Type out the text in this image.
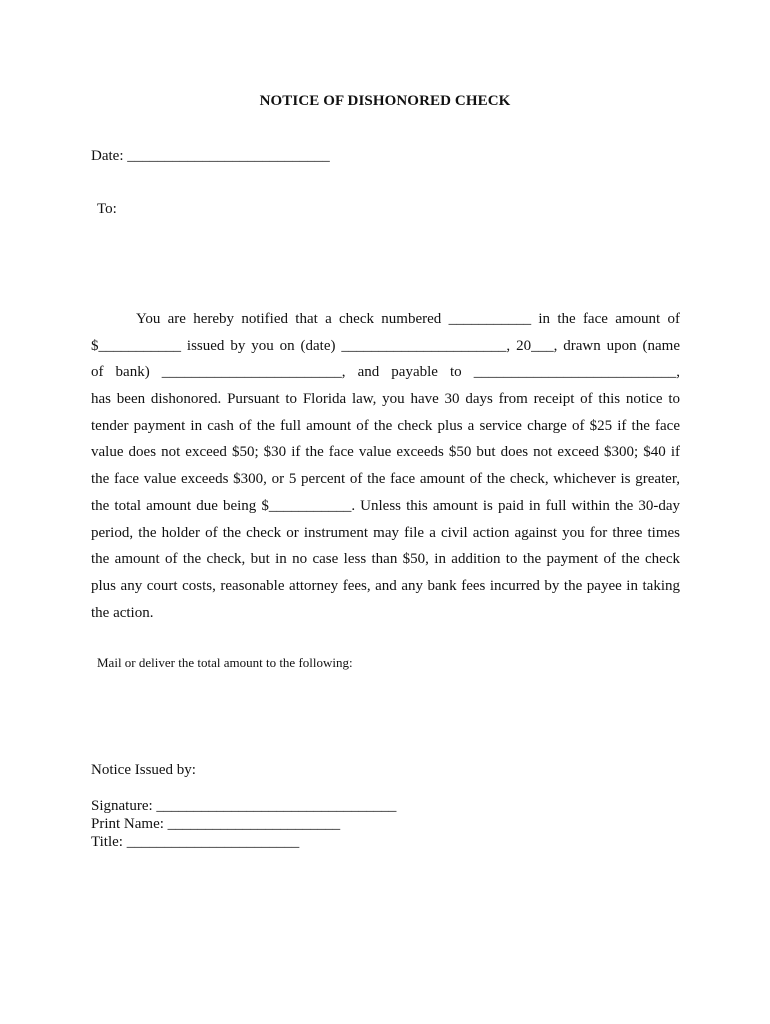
NOTICE OF DISHONORED CHECK
Date: ___________________________
To:
You are hereby notified that a check numbered ___________ in the face amount of
$___________ issued by you on (date) ______________________, 20___, drawn upon (name
of bank) ________________________, and payable to ___________________________,
has been dishonored. Pursuant to Florida law, you have 30 days from receipt of this notice to
tender payment in cash of the full amount of the check plus a service charge of $25 if the face
value does not exceed $50; $30 if the face value exceeds $50 but does not exceed $300; $40 if
the face value exceeds $300, or 5 percent of the face amount of the check, whichever is greater,
the total amount due being $___________. Unless this amount is paid in full within the 30-day
period, the holder of the check or instrument may file a civil action against you for three times
the amount of the check, but in no case less than $50, in addition to the payment of the check
plus any court costs, reasonable attorney fees, and any bank fees incurred by the payee in taking
the action.
Mail or deliver the total amount to the following:
Notice Issued by:
Signature: ________________________________
Print Name: _______________________
Title: _______________________
